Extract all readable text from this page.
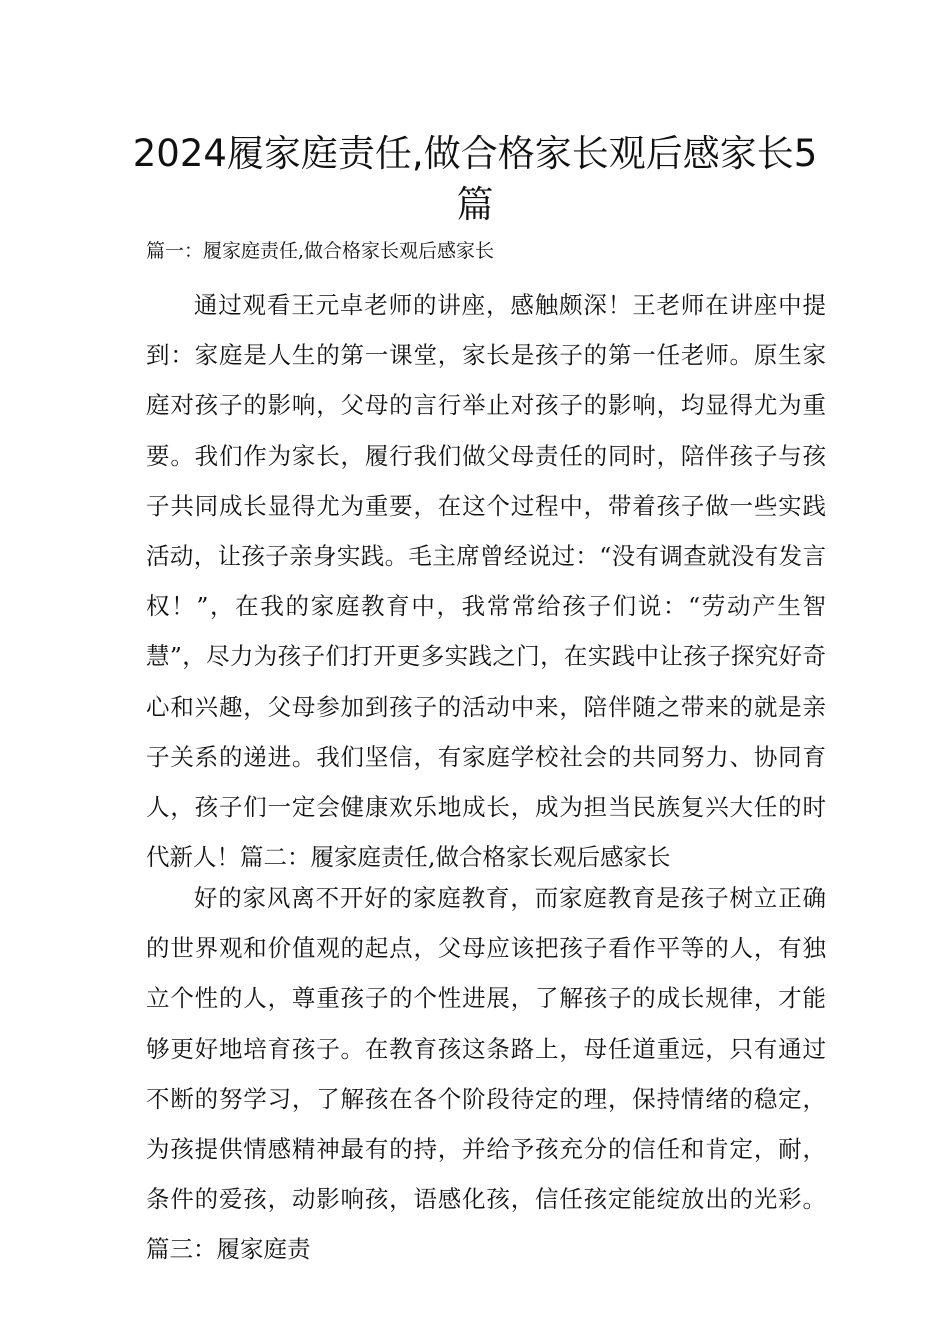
2024履家庭责任,做合格家长观后感家长5篇

篇一：履家庭责任,做合格家长观后感家长

通过观看王元卓老师的讲座，感触颇深！王老师在讲座中提到：家庭是人生的第一课堂，家长是孩子的第一任老师。原生家庭对孩子的影响，父母的言行举止对孩子的影响，均显得尤为重要。我们作为家长，履行我们做父母责任的同时，陪伴孩子与孩子共同成长显得尤为重要，在这个过程中，带着孩子做一些实践活动，让孩子亲身实践。毛主席曾经说过：“没有调查就没有发言权！”，在我的家庭教育中，我常常给孩子们说：“劳动产生智慧”，尽力为孩子们打开更多实践之门，在实践中让孩子探究好奇心和兴趣，父母参加到孩子的活动中来，陪伴随之带来的就是亲子关系的递进。我们坚信，有家庭学校社会的共同努力、协同育人，孩子们一定会健康欢乐地成长，成为担当民族复兴大任的时代新人！篇二：履家庭责任,做合格家长观后感家长

好的家风离不开好的家庭教育，而家庭教育是孩子树立正确的世界观和价值观的起点，父母应该把孩子看作平等的人，有独立个性的人，尊重孩子的个性进展，了解孩子的成长规律，才能够更好地培育孩子。在教育孩这条路上，母任道重远，只有通过不断的努学习，了解孩在各个阶段待定的理，保持情绪的稳定，为孩提供情感精神最有的持，并给予孩充分的信任和肯定，耐，条件的爱孩，动影响孩，语感化孩，信任孩定能绽放出的光彩。篇三：履家庭责
